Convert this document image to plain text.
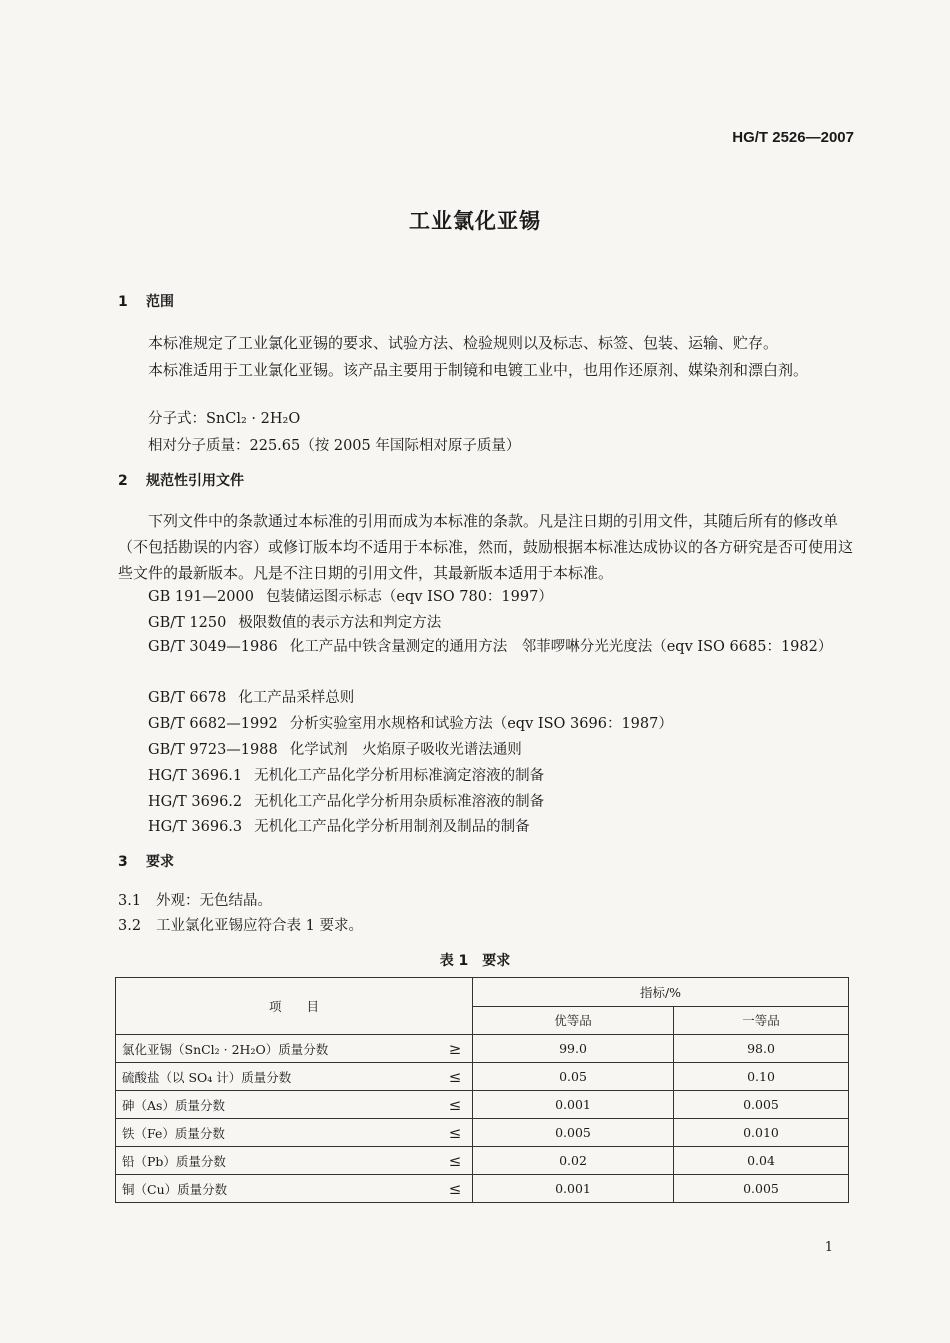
HG/T 2526—2007
工业氯化亚锡
1 范围
本标准规定了工业氯化亚锡的要求、试验方法、检验规则以及标志、标签、包装、运输、贮存。
本标准适用于工业氯化亚锡。该产品主要用于制镜和电镀工业中，也用作还原剂、媒染剂和漂白剂。
分子式：SnCl₂ · 2H₂O
相对分子质量：225.65（按 2005 年国际相对原子质量）
2 规范性引用文件
下列文件中的条款通过本标准的引用而成为本标准的条款。凡是注日期的引用文件，其随后所有的修改单（不包括勘误的内容）或修订版本均不适用于本标准，然而，鼓励根据本标准达成协议的各方研究是否可使用这些文件的最新版本。凡是不注日期的引用文件，其最新版本适用于本标准。
GB 191—2000 包装储运图示标志（eqv ISO 780：1997）
GB/T 1250 极限数值的表示方法和判定方法
GB/T 3049—1986 化工产品中铁含量测定的通用方法　邻菲啰啉分光光度法（eqv ISO 6685：1982）
GB/T 6678 化工产品采样总则
GB/T 6682—1992 分析实验室用水规格和试验方法（eqv ISO 3696：1987）
GB/T 9723—1988 化学试剂　火焰原子吸收光谱法通则
HG/T 3696.1 无机化工产品化学分析用标准滴定溶液的制备
HG/T 3696.2 无机化工产品化学分析用杂质标准溶液的制备
HG/T 3696.3 无机化工产品化学分析用制剂及制品的制备
3 要求
3.1 外观：无色结晶。
3.2 工业氯化亚锡应符合表 1 要求。
表 1　要求
项　　目		指标/%	
		优等品	一等品
氯化亚锡（SnCl₂ · 2H₂O）质量分数	≥	99.0	98.0
硫酸盐（以 SO₄ 计）质量分数	≤	0.05	0.10
砷（As）质量分数	≤	0.001	0.005
铁（Fe）质量分数	≤	0.005	0.010
铅（Pb）质量分数	≤	0.02	0.04
铜（Cu）质量分数	≤	0.001	0.005
1
